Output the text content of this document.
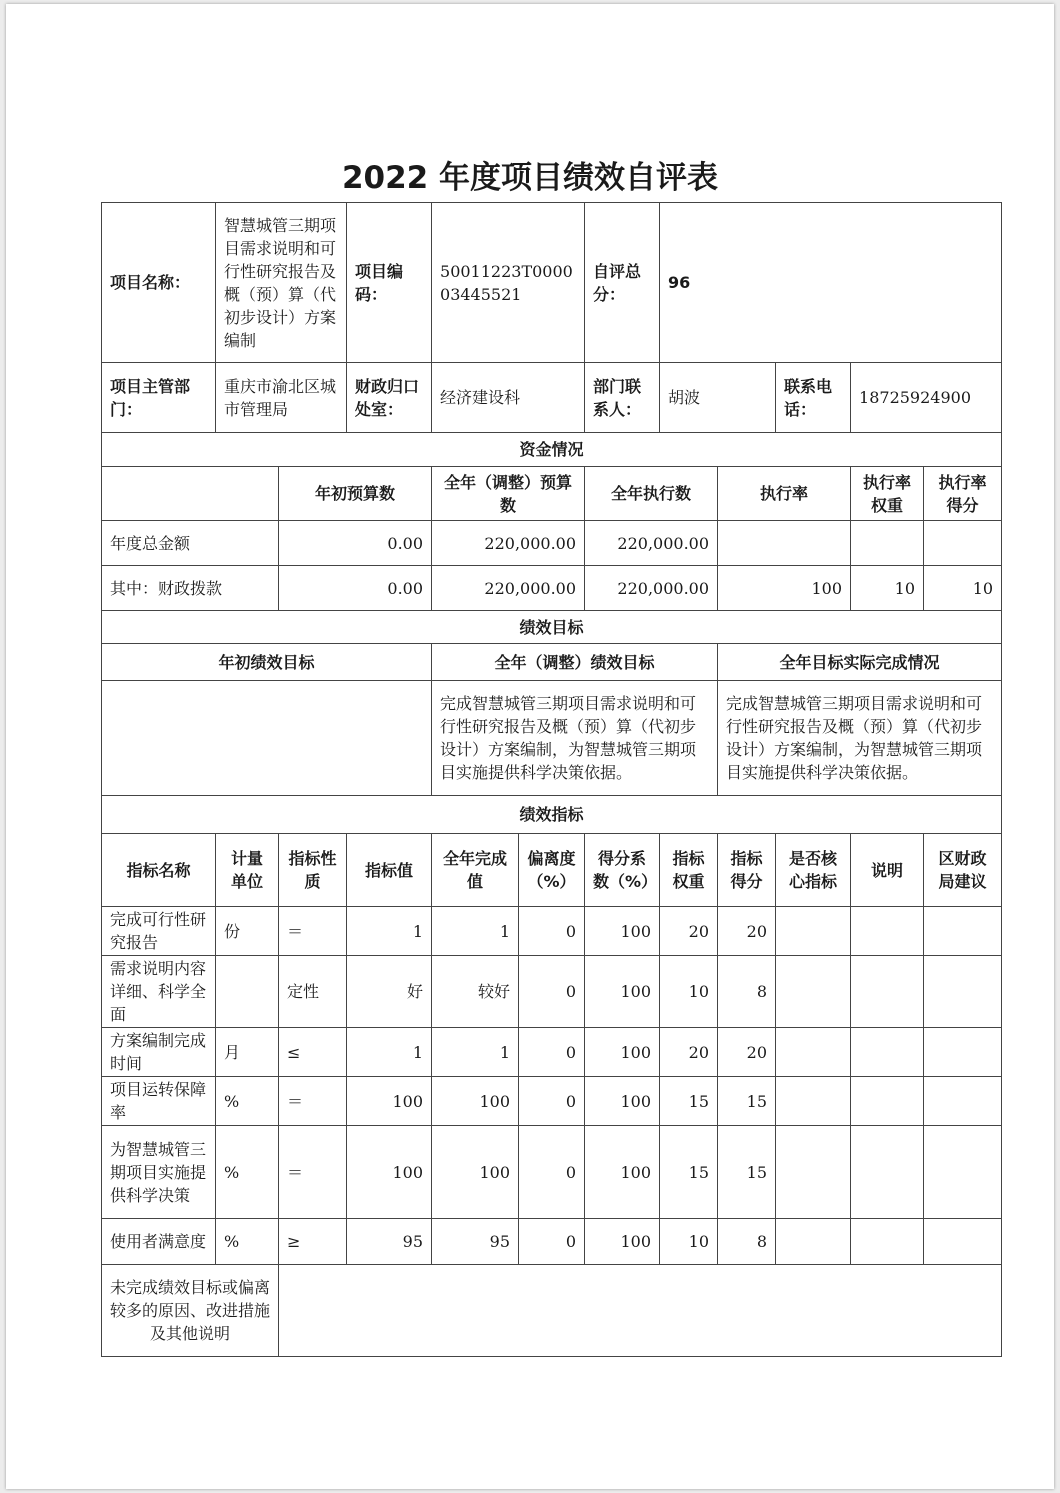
2022 年度项目绩效自评表
项目名称：	智慧城管三期项目需求说明和可行性研究报告及概（预）算（代初步设计）方案编制		项目编码：	50011223T000003445521		自评总分：	96				
项目主管部门：	重庆市渝北区城市管理局		财政归口处室：	经济建设科		部门联系人：	胡波		联系电话：	18725924900	
资金情况											
		年初预算数		全年（调整）预算数		全年执行数		执行率		执行率权重	执行率得分
年度总金额		0.00		220,000.00		220,000.00					
其中：财政拨款		0.00		220,000.00		220,000.00		100		10	10
绩效目标											
年初绩效目标				全年（调整）绩效目标				全年目标实际完成情况			
				完成智慧城管三期项目需求说明和可行性研究报告及概（预）算（代初步设计）方案编制，为智慧城管三期项目实施提供科学决策依据。				完成智慧城管三期项目需求说明和可行性研究报告及概（预）算（代初步设计）方案编制，为智慧城管三期项目实施提供科学决策依据。			
绩效指标											
指标名称	计量单位	指标性质	指标值	全年完成值	偏离度（%）	得分系数（%）	指标权重	指标得分	是否核心指标	说明	区财政局建议
完成可行性研究报告	份	＝	1	1	0	100	20	20			
需求说明内容详细、科学全面		定性	好	较好	0	100	10	8			
方案编制完成时间	月	≤	1	1	0	100	20	20			
项目运转保障率	%	＝	100	100	0	100	15	15			
为智慧城管三期项目实施提供科学决策	%	＝	100	100	0	100	15	15			
使用者满意度	%	≥	95	95	0	100	10	8			
未完成绩效目标或偏离较多的原因、改进措施及其他说明											
